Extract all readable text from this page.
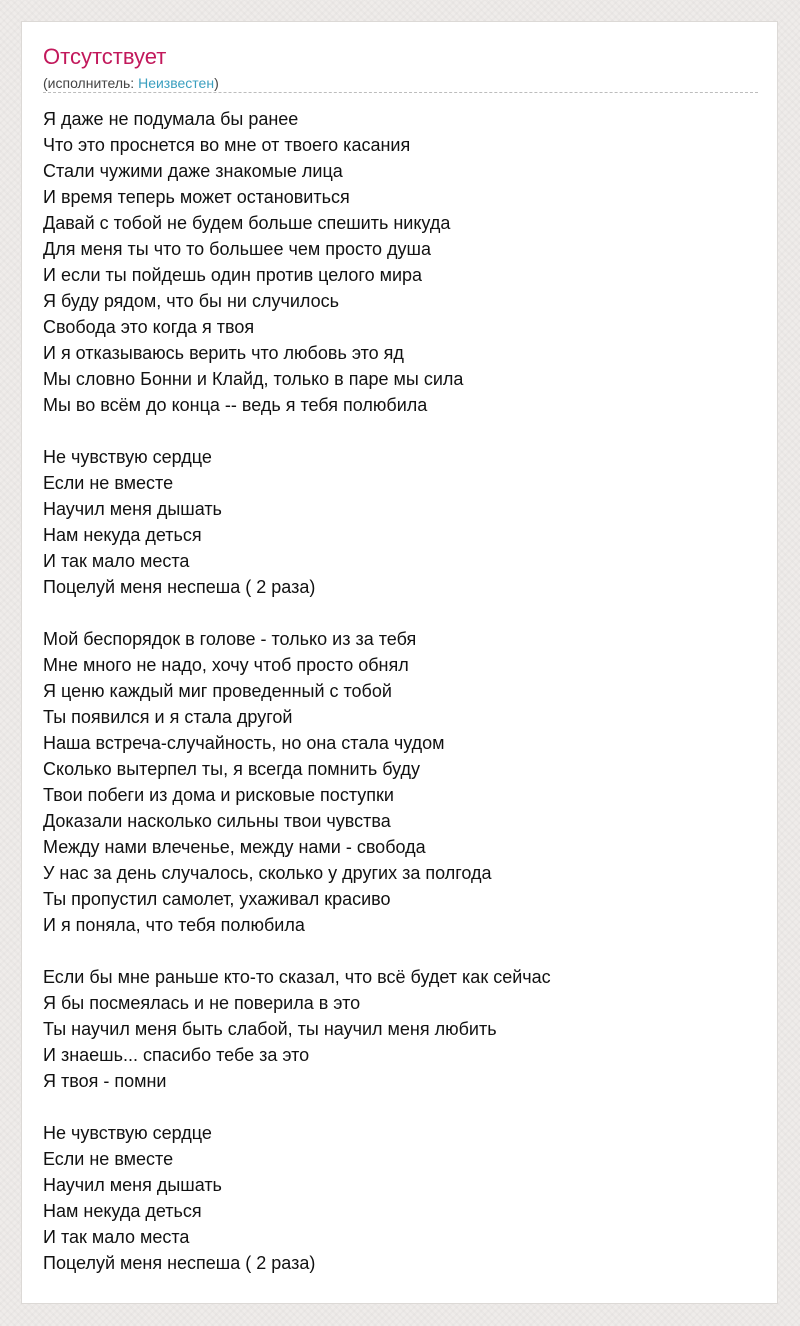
Отсутствует

(исполнитель: Неизвестен)

Я даже не подумала бы ранее
Что это проснется во мне от твоего касания
Стали чужими даже знакомые лица
И время теперь может остановиться
Давай с тобой не будем больше спешить никуда
Для меня ты что то большее чем просто душа
И если ты пойдешь один против целого мира
Я буду рядом, что бы ни случилось
Свобода это когда я твоя
И я отказываюсь верить что любовь это яд
Мы словно Бонни и Клайд, только в паре мы сила
Мы во всём до конца -- ведь я тебя полюбила
Не чувствую сердце
Если не вместе
Научил меня дышать
Нам некуда деться
И так мало места
Поцелуй меня неспеша ( 2 раза)
Мой беспорядок в голове - только из за тебя
Мне много не надо, хочу чтоб просто обнял
Я ценю каждый миг проведенный с тобой
Ты появился и я стала другой
Наша встреча-случайность, но она стала чудом
Сколько вытерпел ты, я всегда помнить буду
Твои побеги из дома и рисковые поступки
Доказали насколько сильны твои чувства
Между нами влеченье, между нами - свобода
У нас за день случалось, сколько у других за полгода
Ты пропустил самолет, ухаживал красиво
И я поняла, что тебя полюбила
Если бы мне раньше кто-то сказал, что всё будет как сейчас
Я бы посмеялась и не поверила в это
Ты научил меня быть слабой, ты научил меня любить
И знаешь... спасибо тебе за это
Я твоя - помни
Не чувствую сердце
Если не вместе
Научил меня дышать
Нам некуда деться
И так мало места
Поцелуй меня неспеша ( 2 раза)
